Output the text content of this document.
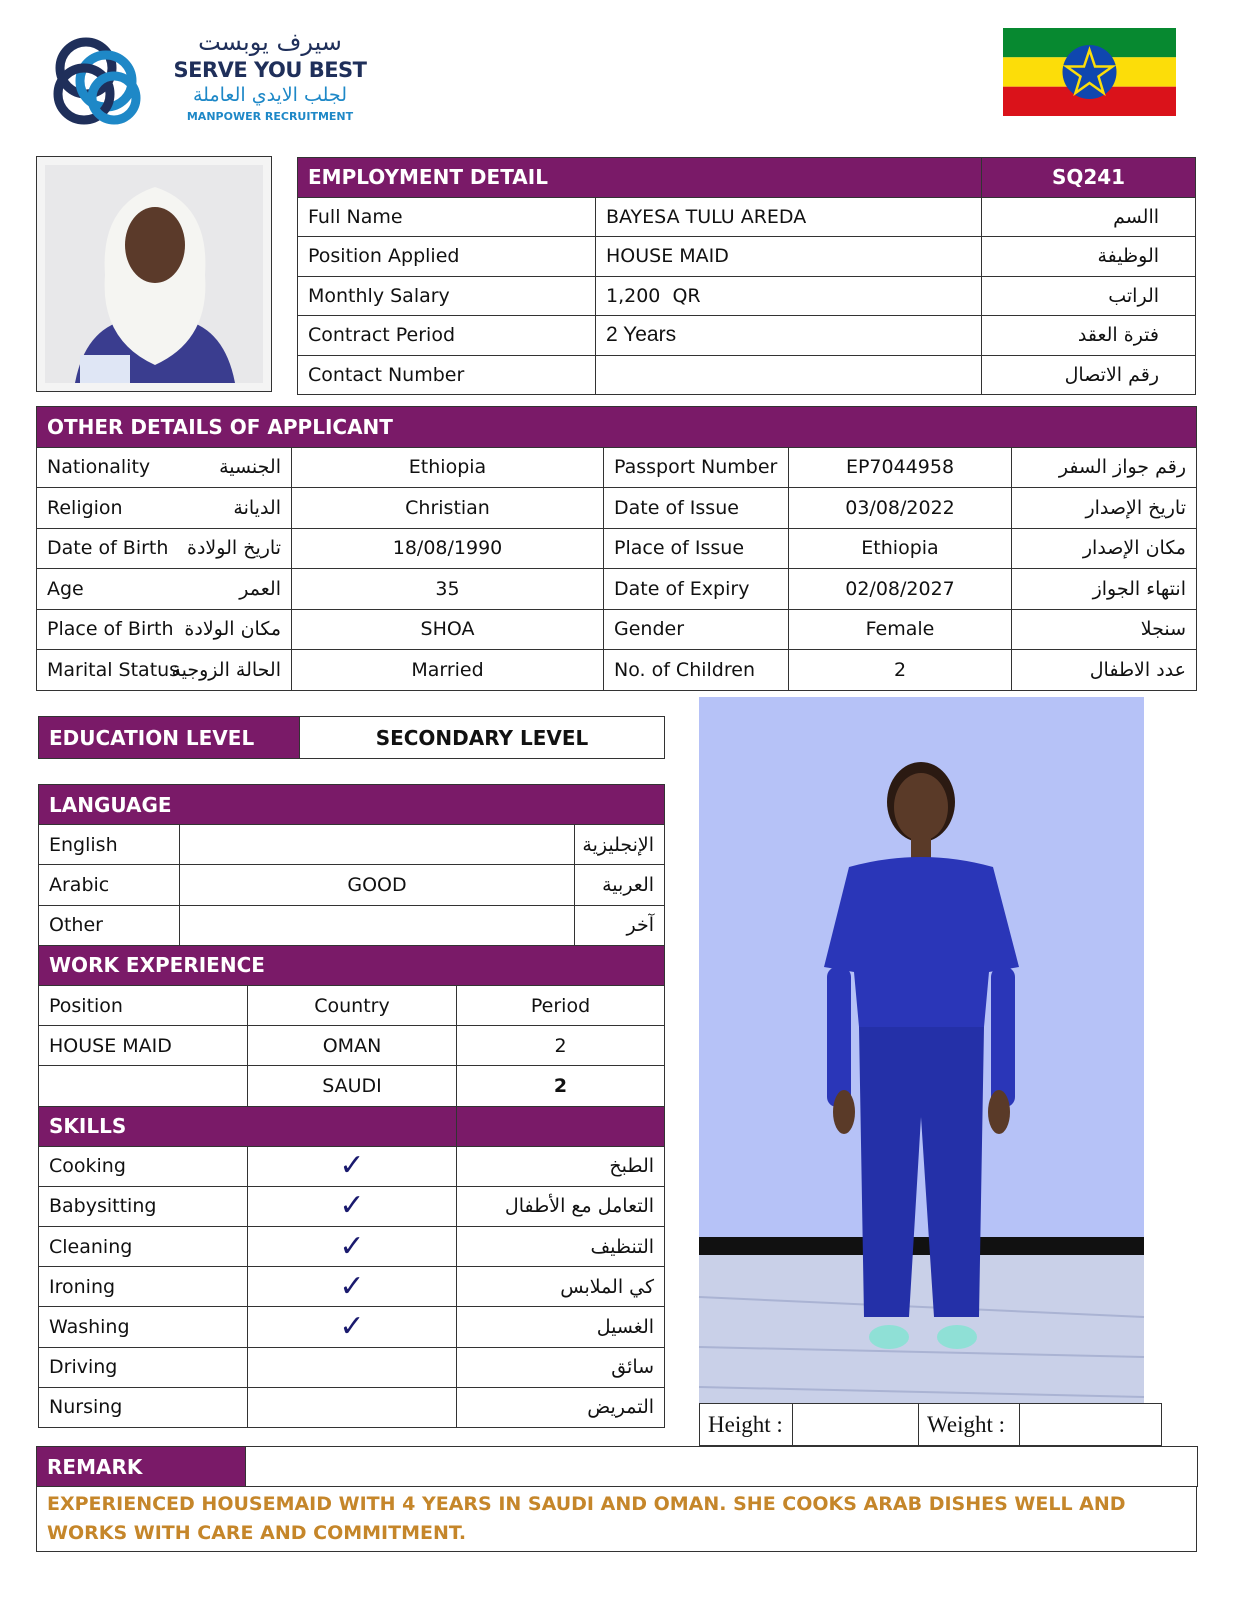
سيرف يوبست
SERVE YOU BEST
لجلب الايدي العاملة
MANPOWER RECRUITMENT
EMPLOYMENT DETAIL		SQ241
Full Name	BAYESA TULU AREDA	االسم
Position Applied	HOUSE MAID	الوظيفة
Monthly Salary	1,200  QR	الراتب
Contract Period	2 Years	فترة العقد
Contact Number		رقم الاتصال
OTHER DETAILS OF APPLICANT					
Nationality	الجنسية	Ethiopia	Passport Number	EP7044958	رقم جواز السفر
Religion	الديانة	Christian	Date of Issue	03/08/2022	تاريخ الإصدار
Date of Birth	تاريخ الولادة	18/08/1990	Place of Issue	Ethiopia	مكان الإصدار
Age	العمر	35	Date of Expiry	02/08/2027	انتهاء الجواز
Place of Birth	مكان الولادة	SHOA	Gender	Female	سنجلا
Marital Status	الحالة الزوجية	Married	No. of Children	2	عدد الاطفال
EDUCATION LEVEL	SECONDARY LEVEL
LANGUAGE				
English				الإنجليزية
Arabic	GOOD			العربية
Other				آخر
WORK EXPERIENCE				
Position		Country	Period	
HOUSE MAID		OMAN	2	
		SAUDI	2	
SKILLS				
Cooking		✓	الطبخ	
Babysitting		✓	التعامل مع الأطفال	
Cleaning		✓	التنظيف	
Ironing		✓	كي الملابس	
Washing		✓	الغسيل	
Driving			سائق	
Nursing			التمريض	
Height :		Weight :	
REMARK	
EXPERIENCED HOUSEMAID WITH 4 YEARS IN SAUDI AND OMAN. SHE COOKS ARAB DISHES WELL AND WORKS WITH CARE AND COMMITMENT.
